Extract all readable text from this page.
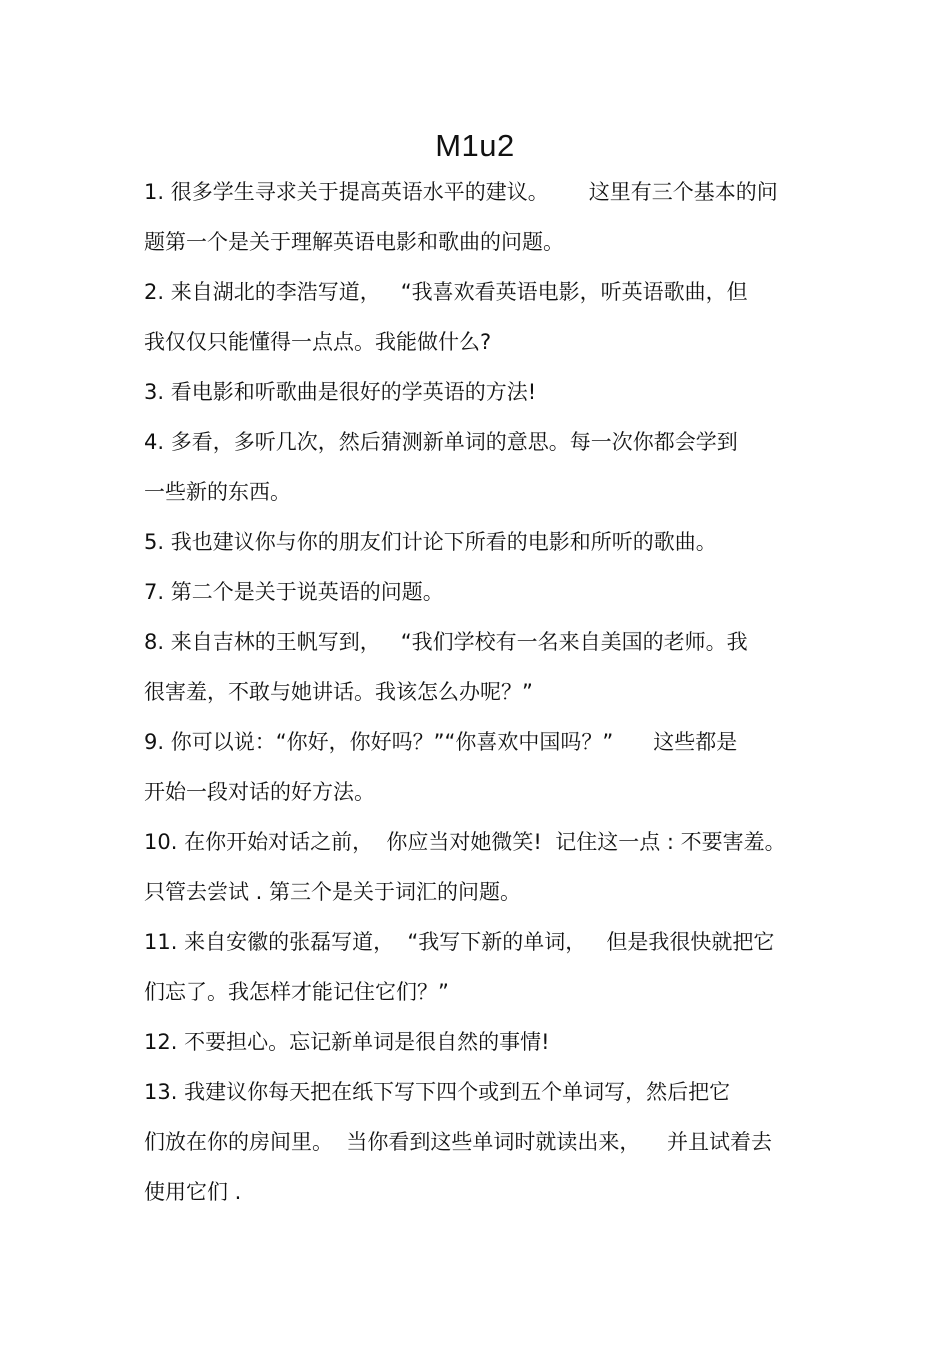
M1u2

1. 很多学生寻求关于提高英语水平的建议。      这里有三个基本的问

题第一个是关于理解英语电影和歌曲的问题。

2. 来自湖北的李浩写道，   “我喜欢看英语电影，听英语歌曲，但

我仅仅只能懂得一点点。我能做什么?

3. 看电影和听歌曲是很好的学英语的方法!

4. 多看，多听几次，然后猜测新单词的意思。每一次你都会学到

一些新的东西。

5. 我也建议你与你的朋友们计论下所看的电影和所听的歌曲。

7. 第二个是关于说英语的问题。

8. 来自吉林的王帆写到，   “我们学校有一名来自美国的老师。我

很害羞，不敢与她讲话。我该怎么办呢？”

9. 你可以说：“你好，你好吗？”“你喜欢中国吗？”      这些都是

开始一段对话的好方法。

10. 在你开始对话之前，  你应当对她微笑!  记住这一点 : 不要害羞。

只管去尝试 . 第三个是关于词汇的问题。

11. 来自安徽的张磊写道，  “我写下新的单词，   但是我很快就把它

们忘了。我怎样才能记住它们？”

12. 不要担心。忘记新单词是很自然的事情!

13. 我建议你每天把在纸下写下四个或到五个单词写，然后把它

们放在你的房间里。  当你看到这些单词时就读出来，    并且试着去

使用它们 .
